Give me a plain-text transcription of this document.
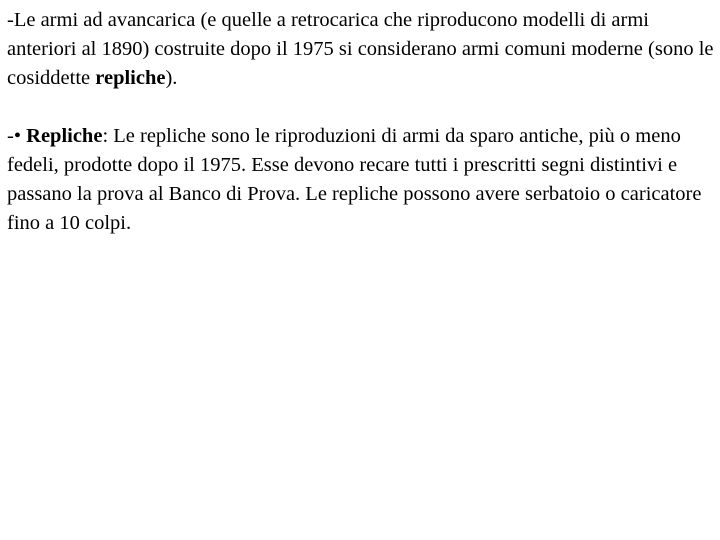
-Le armi ad avancarica (e quelle a retrocarica che riproducono modelli di armi anteriori al 1890) costruite dopo il 1975 si considerano armi comuni moderne (sono le cosiddette repliche).

-• Repliche: Le repliche sono le riproduzioni di armi da sparo antiche, più o meno fedeli, prodotte dopo il 1975. Esse devono recare tutti i prescritti segni distintivi e passano la prova al Banco di Prova. Le repliche possono avere serbatoio o caricatore fino a 10 colpi.
